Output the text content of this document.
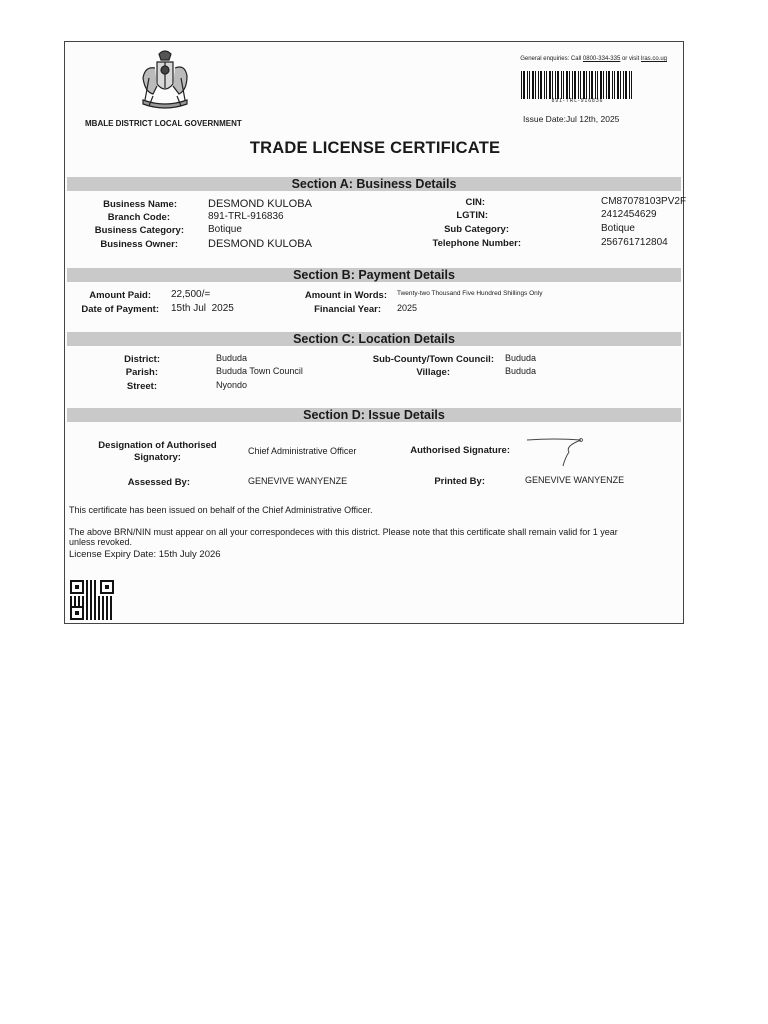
General enquiries: Call 0800-334-335 or visit lras.co.ug
891-TRL-916836
Issue Date:Jul 12th, 2025
MBALE DISTRICT LOCAL GOVERNMENT
TRADE LICENSE CERTIFICATE
Section A: Business Details
Business Name:	DESMOND KULOBA
Branch Code:	891-TRL-916836
Business Category: Botique
Business Owner:	DESMOND KULOBA
CIN:	CM87078103PV2F
LGTIN:	2412454629
Sub Category:	Botique
Telephone Number:	256761712804
Section B: Payment Details
Amount Paid: 22,500/=
Date of Payment: 15th Jul  2025
Amount in Words: Twenty-two Thousand Five Hundred Shillings Only
Financial Year: 2025
Section C: Location Details
District:	Bududa
Parish:	Bududa Town Council
Street:	Nyondo
Sub-County/Town Council: Bududa
Village:	Bududa
Section D: Issue Details
Designation of Authorised
Signatory:
Chief Administrative Officer	Authorised Signature:
Assessed By:	GENEVIVE WANYENZE	Printed By:	GENEVIVE WANYENZE
This certificate has been issued on behalf of the Chief Administrative Officer.
The above BRN/NIN must appear on all your correspondeces with this district. Please note that this certificate shall remain valid for 1 year
unless revoked.
License Expiry Date: 15th July 2026
